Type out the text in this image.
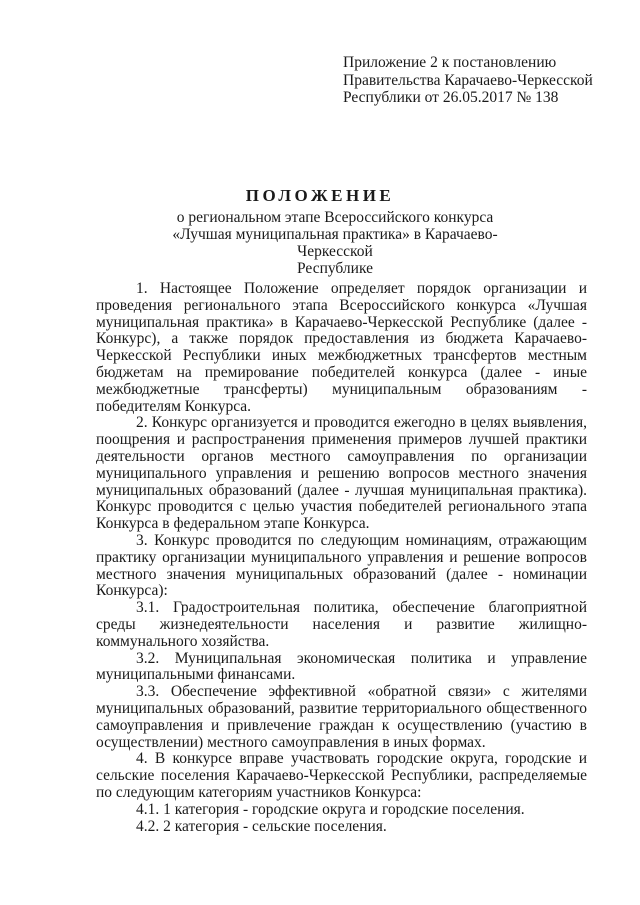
Приложение 2 к постановлению
Правительства Карачаево-Черкесской
Республики от 26.05.2017 № 138
ПОЛОЖЕНИЕ
о региональном этапе Всероссийского конкурса
«Лучшая муниципальная практика» в Карачаево-Черкесской
Республике

1. Настоящее Положение определяет порядок организации и проведения регионального этапа Всероссийского конкурса «Лучшая муниципальная практика» в Карачаево-Черкесской Республике (далее - Конкурс), а также порядок предоставления из бюджета Карачаево-Черкесской Республики иных межбюджетных трансфертов местным бюджетам на премирование победителей конкурса (далее - иные межбюджетные трансферты) муниципальным образованиям - победителям Конкурса.

2. Конкурс организуется и проводится ежегодно в целях выявления, поощрения и распространения применения примеров лучшей практики деятельности органов местного самоуправления по организации муниципального управления и решению вопросов местного значения муниципальных образований (далее - лучшая муниципальная практика). Конкурс проводится с целью участия победителей регионального этапа Конкурса в федеральном этапе Конкурса.

3. Конкурс проводится по следующим номинациям, отражающим практику организации муниципального управления и решение вопросов местного значения муниципальных образований (далее - номинации Конкурса):

3.1. Градостроительная политика, обеспечение благоприятной среды жизнедеятельности населения и развитие жилищно-коммунального хозяйства.

3.2. Муниципальная экономическая политика и управление муниципальными финансами.

3.3. Обеспечение эффективной «обратной связи» с жителями муниципальных образований, развитие территориального общественного самоуправления и привлечение граждан к осуществлению (участию в осуществлении) местного самоуправления в иных формах.

4. В конкурсе вправе участвовать городские округа, городские и сельские поселения Карачаево-Черкесской Республики, распределяемые по следующим категориям участников Конкурса:

4.1. 1 категория - городские округа и городские поселения.

4.2. 2 категория - сельские поселения.
